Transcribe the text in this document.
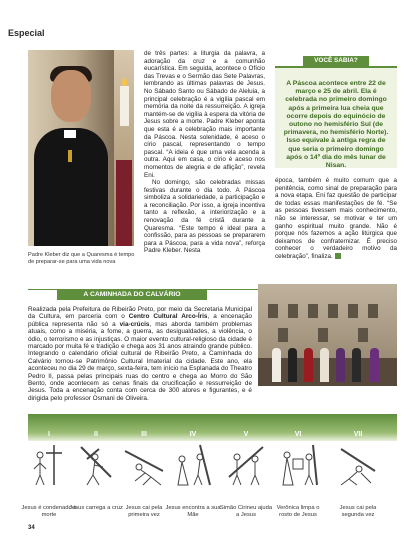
Especial
Padre Kleber diz que a Quaresma é tempo de preparar-se para uma vida nova

de três partes: a liturgia da palavra, a adoração da cruz e a comunhão eucarística. Em seguida, acontece o Ofício das Trevas e o Sermão das Sete Palavras, lembrando as últimas palavras de Jesus. No Sábado Santo ou Sábado de Aleluia, a principal celebração é a vigília pascal em memória da noite da ressurreição. A igreja mantém-se de vigília à espera da vitória de Jesus sobre a morte. Padre Kleber aponta que esta é a celebração mais importante da Páscoa. Nesta solenidade, é aceso o círio pascal, representando o tempo pascal. “A ideia é que uma vela acenda a outra. Aqui em casa, o círio é aceso nos momentos de alegria e de aflição”, revela Eni.

No domingo, são celebradas missas festivas durante o dia todo. A Páscoa simboliza a solidariedade, a participação e a reconciliação. Por isso, a igreja incentiva tanto a reflexão, a interiorização e a renovação da fé cristã durante a Quaresma. “Este tempo é ideal para a confissão, para as pessoas se prepararem para a Páscoa, para a vida nova”, reforça Padre Kleber. Nesta

VOCÊ SABIA?
A Páscoa acontece entre 22 de março e 25 de abril. Ela é celebrada no primeiro domingo após a primeira lua cheia que ocorre depois do equinócio de outono no hemisfério Sul (de primavera, no hemisfério Norte). Isso equivale à antiga regra de que seria o primeiro domingo após o 14º dia do mês lunar de Nisan.

época, também é muito comum que a penitência, como sinal de preparação para a nova etapa. Eni faz questão de participar de todas essas manifestações de fé. “Se as pessoas tivessem mais conhecimento, não se interessar, se motivar e ter um ganho espiritual muito grande. Não é porque nós fazemos a ação litúrgica que deixamos de confraternizar. É preciso conhecer o verdadeiro motivo da celebração”, finaliza.

A CAMINHADA DO CALVÁRIO
Realizada pela Prefeitura de Ribeirão Preto, por meio da Secretaria Municipal da Cultura, em parceria com o Centro Cultural Arco-Íris, a encenação pública representa não só a via-crúcis, mas aborda também problemas atuais, como a miséria, a fome, a guerra, as desigualdades, a violência, o ódio, o terrorismo e as injustiças. O maior evento cultural-religioso da cidade é marcado por muita fé e tradição e chega aos 31 anos atraindo grande público. Integrando o calendário oficial cultural de Ribeirão Preto, a Caminhada do Calvário tornou-se Patrimônio Cultural Imaterial da cidade. Este ano, ela aconteceu no dia 29 de março, sexta-feira, tem início na Esplanada do Theatro Pedro II, passa pelas principais ruas do centro e chega ao Morro do São Bento, onde acontecem as cenas finais da crucificação e ressurreição de Jesus. Toda a encenação conta com cerca de 300 atores e figurantes, e é dirigida pelo professor Osmani de Oliveira.
I
Jesus é condenado à morte
II
Jesus carrega a cruz
III
Jesus cai pela primeira vez
IV
Jesus encontra a sua Mãe
V
Simão Cirineu ajuda a Jesus
VI
Verônica limpa o rosto de Jesus
VII
Jesus cai pela segunda vez
34
